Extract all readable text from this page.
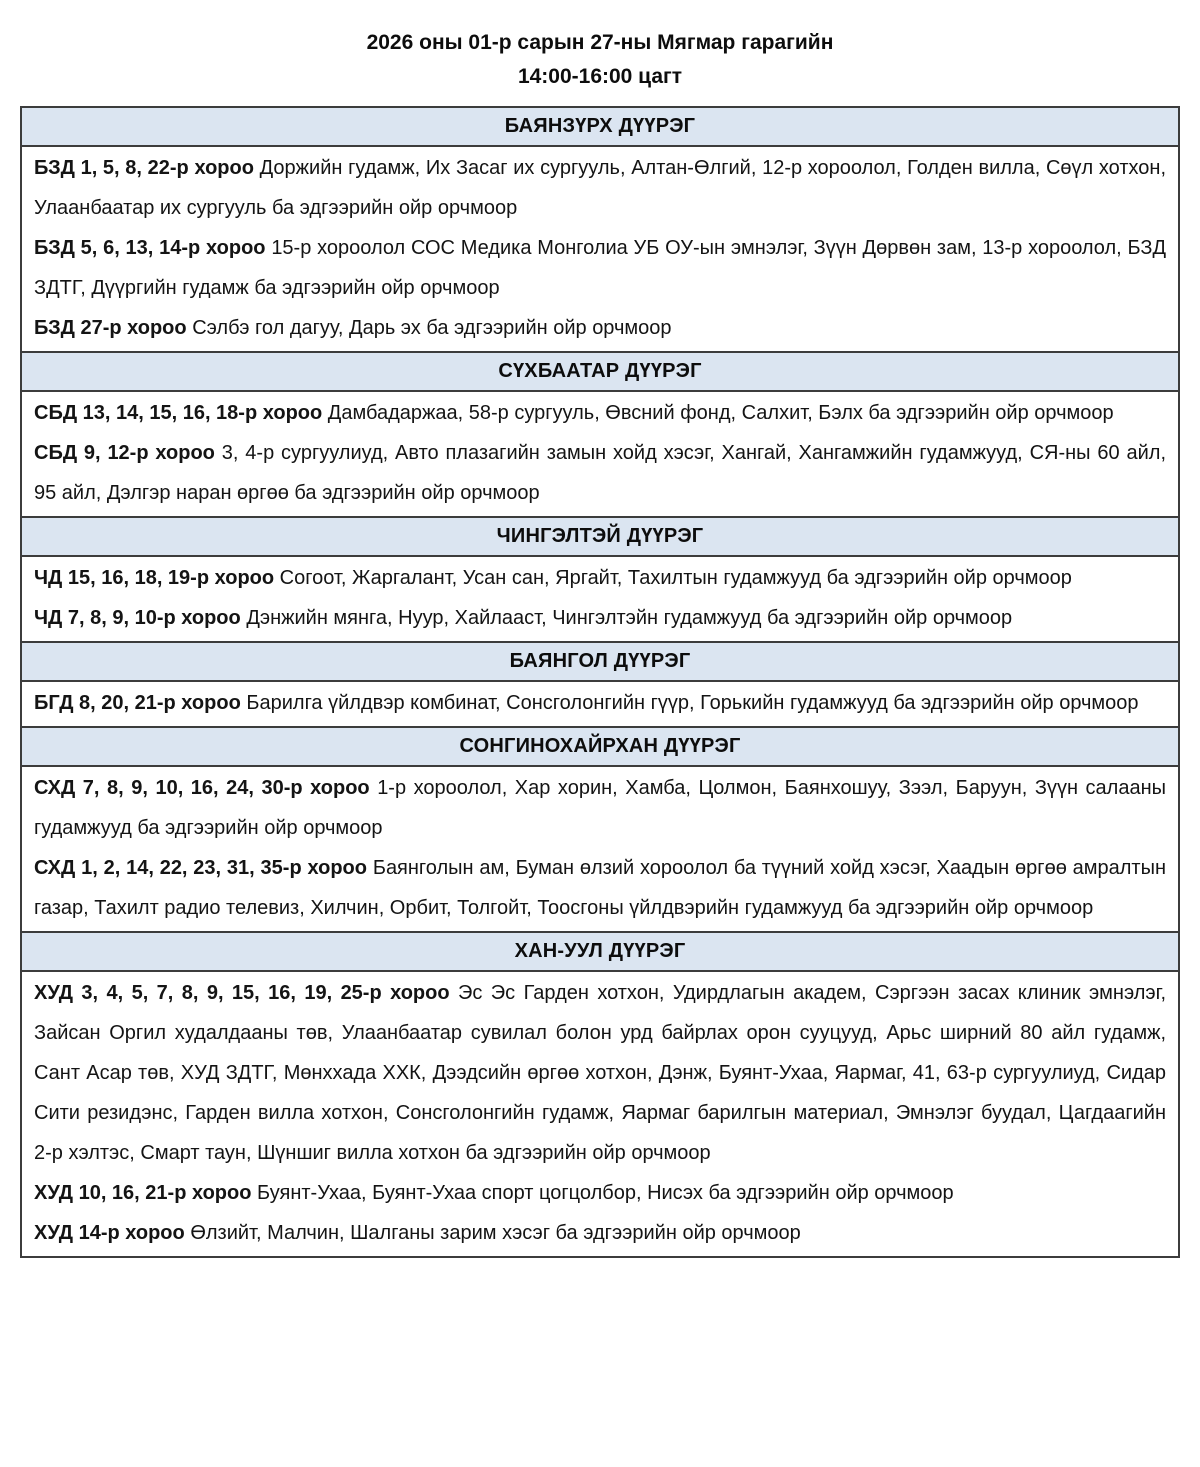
2026 оны 01-р сарын 27-ны Мягмар гарагийн
14:00-16:00 цагт
БАЯНЗҮРХ ДҮҮРЭГ

БЗД 1, 5, 8, 22-р хороо Доржийн гудамж, Их Засаг их сургууль, Алтан-Өлгий, 12-р хороолол, Голден вилла, Сөүл хотхон, Улаанбаатар их сургууль ба эдгээрийн ойр орчмоор

БЗД 5, 6, 13, 14-р хороо 15-р хороолол СОС Медика Монголиа УБ ОУ-ын эмнэлэг, Зүүн Дөрвөн зам, 13-р хороолол, БЗД ЗДТГ, Дүүргийн гудамж ба эдгээрийн ойр орчмоор

БЗД 27-р хороо Сэлбэ гол дагуу, Дарь эх ба эдгээрийн ойр орчмоор

СҮХБААТАР ДҮҮРЭГ

СБД 13, 14, 15, 16, 18-р хороо Дамбадаржаа, 58-р сургууль, Өвсний фонд, Салхит, Бэлх ба эдгээрийн ойр орчмоор

СБД 9, 12-р хороо 3, 4-р сургуулиуд, Авто плазагийн замын хойд хэсэг, Хангай, Хангамжийн гудамжууд, СЯ-ны 60 айл, 95 айл, Дэлгэр наран өргөө ба эдгээрийн ойр орчмоор

ЧИНГЭЛТЭЙ ДҮҮРЭГ

ЧД 15, 16, 18, 19-р хороо Согоот, Жаргалант, Усан сан, Яргайт, Тахилтын гудамжууд ба эдгээрийн ойр орчмоор

ЧД 7, 8, 9, 10-р хороо Дэнжийн мянга, Нуур, Хайлааст, Чингэлтэйн гудамжууд ба эдгээрийн ойр орчмоор

БАЯНГОЛ ДҮҮРЭГ

БГД 8, 20, 21-р хороо Барилга үйлдвэр комбинат, Сонсголонгийн гүүр, Горькийн гудамжууд ба эдгээрийн ойр орчмоор

СОНГИНОХАЙРХАН ДҮҮРЭГ

СХД 7, 8, 9, 10, 16, 24, 30-р хороо 1-р хороолол, Хар хорин, Хамба, Цолмон, Баянхошуу, Зээл, Баруун, Зүүн салааны гудамжууд ба эдгээрийн ойр орчмоор

СХД 1, 2, 14, 22, 23, 31, 35-р хороо Баянголын ам, Буман өлзий хороолол ба түүний хойд хэсэг, Хаадын өргөө амралтын газар, Тахилт радио телевиз, Хилчин, Орбит, Толгойт, Тоосгоны үйлдвэрийн гудамжууд ба эдгээрийн ойр орчмоор

ХАН-УУЛ ДҮҮРЭГ

ХУД 3, 4, 5, 7, 8, 9, 15, 16, 19, 25-р хороо Эс Эс Гарден хотхон, Удирдлагын академ, Сэргээн засах клиник эмнэлэг, Зайсан Оргил худалдааны төв, Улаанбаатар сувилал болон урд байрлах орон сууцууд, Арьс ширний 80 айл гудамж, Сант Асар төв, ХУД ЗДТГ, Мөнххада ХХК, Дээдсийн өргөө хотхон, Дэнж, Буянт-Ухаа, Яармаг, 41, 63-р сургуулиуд, Сидар Сити резидэнс, Гарден вилла хотхон, Сонсголонгийн гудамж, Яармаг барилгын материал, Эмнэлэг буудал, Цагдаагийн 2-р хэлтэс, Смарт таун, Шүншиг вилла хотхон ба эдгээрийн ойр орчмоор

ХУД 10, 16, 21-р хороо Буянт-Ухаа, Буянт-Ухаа спорт цогцолбор, Нисэх ба эдгээрийн ойр орчмоор

ХУД 14-р хороо Өлзийт, Малчин, Шалганы зарим хэсэг ба эдгээрийн ойр орчмоор
